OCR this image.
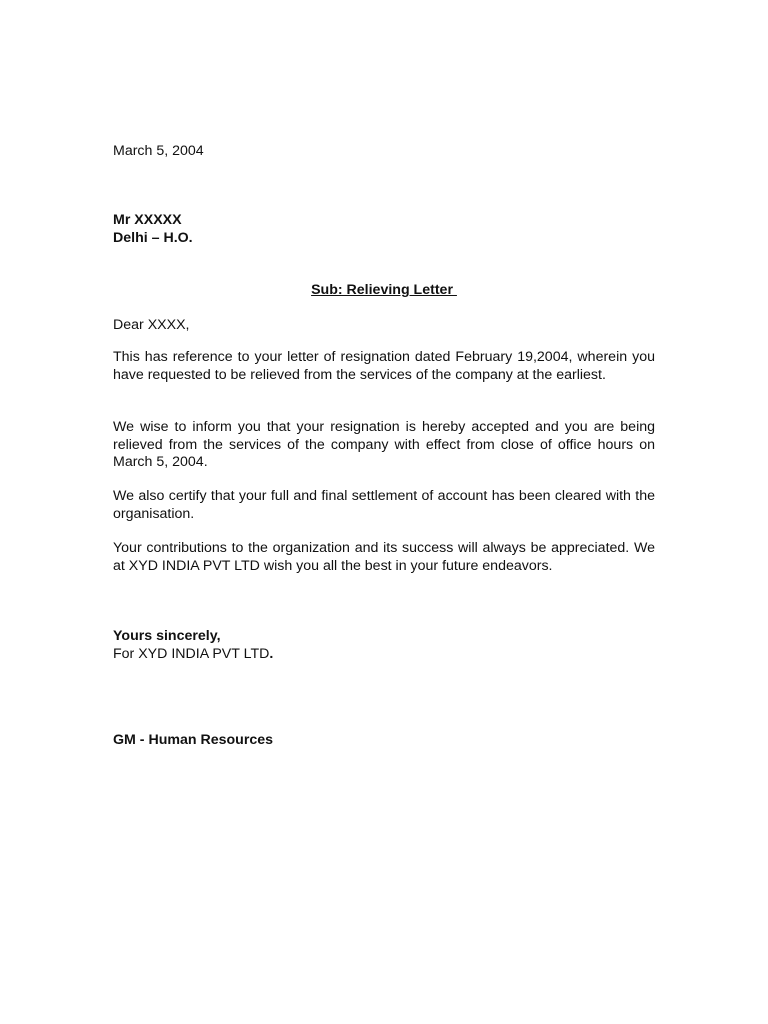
March 5, 2004
Mr XXXXX
Delhi – H.O.
Sub: Relieving Letter
Dear XXXX,
This has reference to your letter of resignation dated February 19,2004, wherein you have requested to be relieved from the services of the company at the earliest.
We wise to inform you that your resignation is hereby accepted and you are being relieved from the services of the company with effect from close of office hours on March 5, 2004.
We also certify that your full and final settlement of account has been cleared with the organisation.
Your contributions to the organization and its success will always be appreciated. We at XYD INDIA PVT LTD wish you all the best in your future endeavors.
Yours sincerely,
For XYD INDIA PVT LTD.
GM - Human Resources
